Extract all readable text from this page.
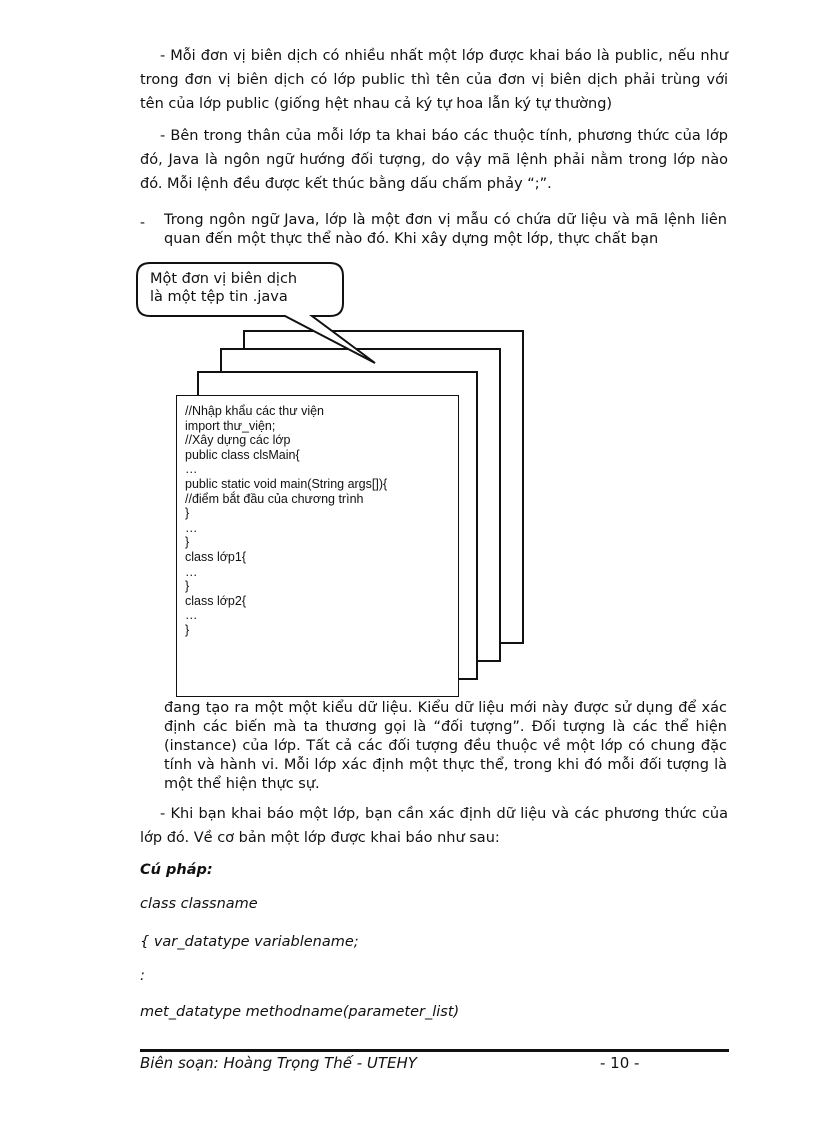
- Mỗi đơn vị biên dịch có nhiều nhất một lớp được khai báo là public, nếu như trong đơn vị biên dịch có lớp public thì tên của đơn vị biên dịch phải trùng với tên của lớp public (giống hệt nhau cả ký tự hoa lẫn ký tự thường)

- Bên trong thân của mỗi lớp ta khai báo các thuộc tính, phương thức của lớp đó, Java là ngôn ngữ hướng đối tượng, do vậy mã lệnh phải nằm trong lớp nào đó. Mỗi lệnh đều được kết thúc bằng dấu chấm phảy “;”.

- Trong ngôn ngữ Java, lớp là một đơn vị mẫu có chứa dữ liệu và mã lệnh liên quan đến một thực thể nào đó. Khi xây dựng một lớp, thực chất bạn

Một đơn vị biên dịch
là một tệp tin .java
//Nhập khẩu các thư viện
import thư_viện;
//Xây dựng các lớp
public class clsMain{
…
public static void main(String args[]){
//điểm bắt đầu của chương trình
}
…
}
class lớp1{
…
}
class lớp2{
…
}

đang tạo ra một một kiểu dữ liệu. Kiểu dữ liệu mới này được sử dụng để xác định các biến mà ta thương gọi là “đối tượng”. Đối tượng là các thể hiện (instance) của lớp. Tất cả các đối tượng đều thuộc về một lớp có chung đặc tính và hành vi. Mỗi lớp xác định một thực thể, trong khi đó mỗi đối tượng là một thể hiện thực sự.

- Khi bạn khai báo một lớp, bạn cần xác định dữ liệu và các phương thức của lớp đó. Về cơ bản một lớp được khai báo như sau:

Cú pháp:

class classname

{ var_datatype variablename;

:

met_datatype methodname(parameter_list)

Biên soạn: Hoàng Trọng Thế - UTEHY	- 10 -
